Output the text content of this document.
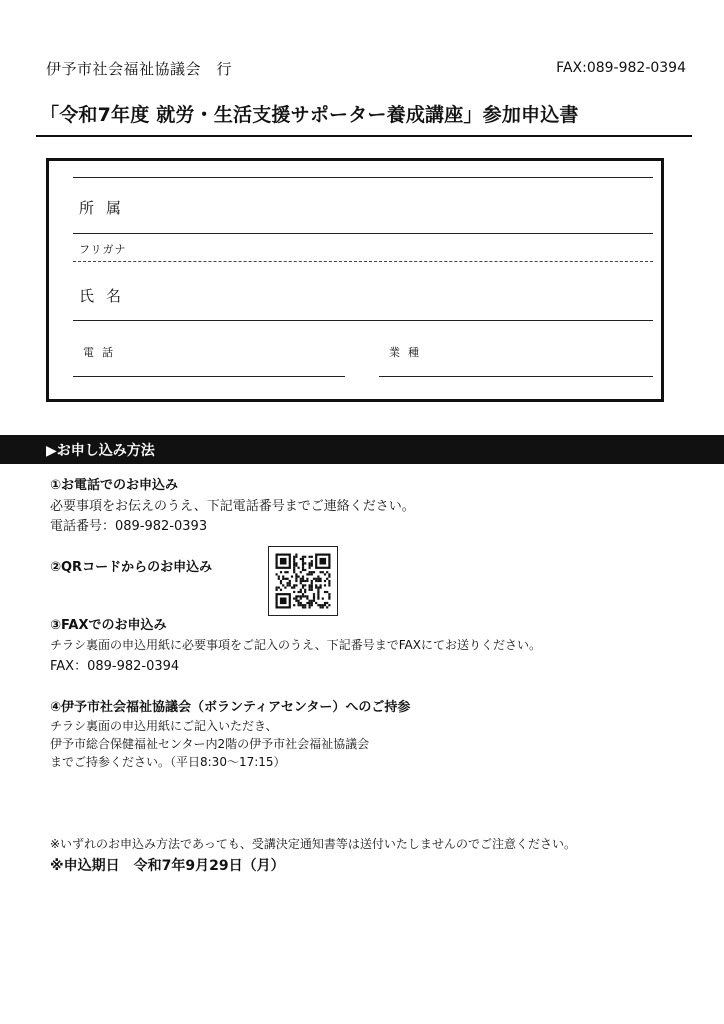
伊予市社会福祉協議会　行	FAX:089-982-0394
「令和7年度 就労・生活支援サポーター養成講座」参加申込書
所属
フリガナ
氏名
電話	業種
▶お申し込み方法
①お電話でのお申込み
必要事項をお伝えのうえ、下記電話番号までご連絡ください。
電話番号：089-982-0393
②QRコードからのお申込み
③FAXでのお申込み
チラシ裏面の申込用紙に必要事項をご記入のうえ、下記番号までFAXにてお送りください。
FAX：089-982-0394
④伊予市社会福祉協議会（ボランティアセンター）へのご持参
チラシ裏面の申込用紙にご記入いただき、
伊予市総合保健福祉センター内2階の伊予市社会福祉協議会
までご持参ください。（平日8:30〜17:15）
※いずれのお申込み方法であっても、受講決定通知書等は送付いたしませんのでご注意ください。
※申込期日　令和7年9月29日（月）
